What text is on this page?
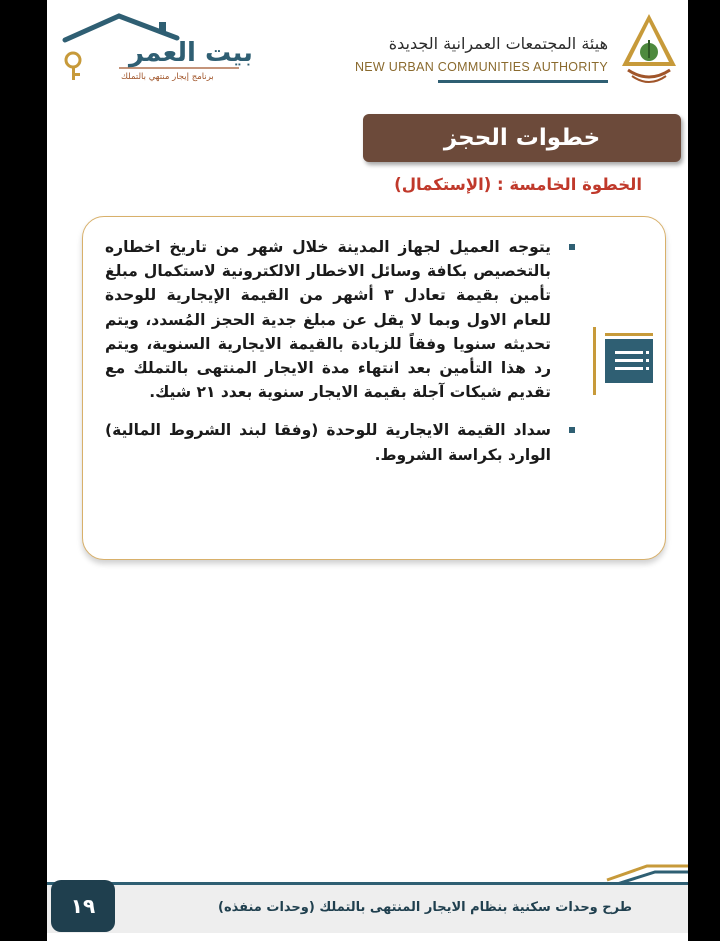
هيئة المجتمعات العمرانية الجديدة
NEW URBAN COMMUNITIES AUTHORITY
بيت العمر
برنامج إيجار منتهي بالتملك
خطوات الحجز
الخطوة الخامسة : (الإستكمال)
يتوجه العميل لجهاز المدينة خلال شهر من تاريخ اخطاره بالتخصيص بكافة وسائل الاخطار الالكترونية لاستكمال مبلغ تأمين بقيمة تعادل ٣ أشهر من القيمة الإيجارية للوحدة للعام الاول وبما لا يقل عن مبلغ جدية الحجز المُسدد، ويتم تحديثه سنويا وفقاً للزيادة بالقيمة الايجارية السنوية، ويتم رد هذا التأمين بعد انتهاء مدة الايجار المنتهى بالتملك مع تقديم شيكات آجلة بقيمة الايجار سنوية بعدد ٢١ شيك.
سداد القيمة الايجارية للوحدة (وفقا لبند الشروط المالية) الوارد بكراسة الشروط.
١٩	طرح وحدات سكنية بنظام الايجار المنتهى بالتملك (وحدات منفذه)
